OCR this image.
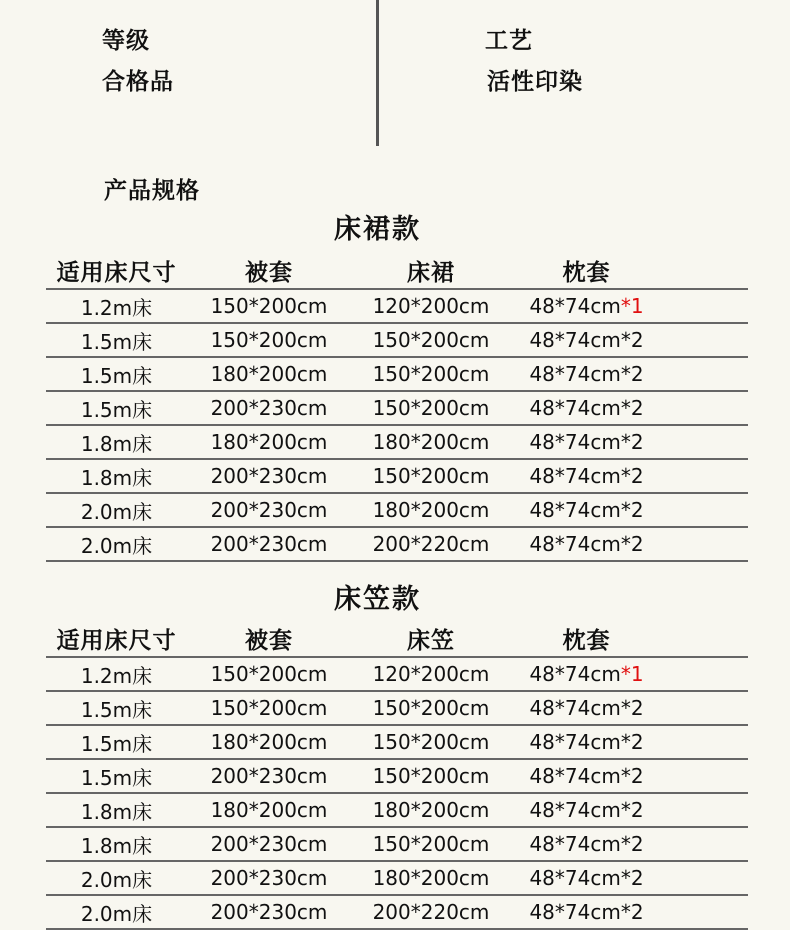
等级
合格品
工艺
活性印染
产品规格
床裙款
适用床尺寸	被套	床裙	枕套	
1.2m床	150*200cm	120*200cm	48*74cm*1	
1.5m床	150*200cm	150*200cm	48*74cm*2	
1.5m床	180*200cm	150*200cm	48*74cm*2	
1.5m床	200*230cm	150*200cm	48*74cm*2	
1.8m床	180*200cm	180*200cm	48*74cm*2	
1.8m床	200*230cm	150*200cm	48*74cm*2	
2.0m床	200*230cm	180*200cm	48*74cm*2	
2.0m床	200*230cm	200*220cm	48*74cm*2	
床笠款
适用床尺寸	被套	床笠	枕套	
1.2m床	150*200cm	120*200cm	48*74cm*1	
1.5m床	150*200cm	150*200cm	48*74cm*2	
1.5m床	180*200cm	150*200cm	48*74cm*2	
1.5m床	200*230cm	150*200cm	48*74cm*2	
1.8m床	180*200cm	180*200cm	48*74cm*2	
1.8m床	200*230cm	150*200cm	48*74cm*2	
2.0m床	200*230cm	180*200cm	48*74cm*2	
2.0m床	200*230cm	200*220cm	48*74cm*2	
